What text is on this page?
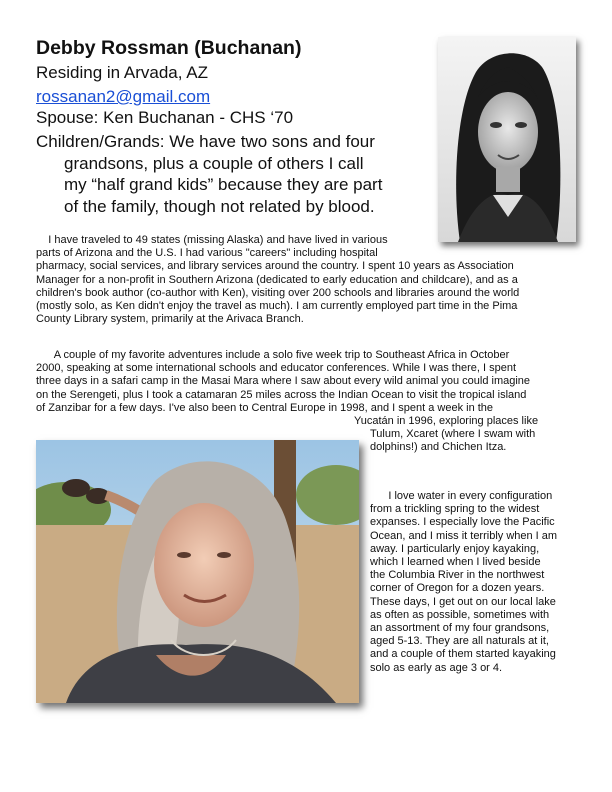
Debby Rossman (Buchanan)
Residing in Arvada, AZ
rossanan2@gmail.com
Spouse: Ken Buchanan - CHS ‘70
Children/Grands: We have two sons and four
grandsons, plus a couple of others I call
my “half grand kids” because they are part
of the family, though not related by blood.
I have traveled to 49 states (missing Alaska) and have lived in various
parts of Arizona and the U.S. I had various "careers" including hospital
pharmacy, social services, and library services around the country. I spent 10 years as Association
Manager for a non-profit in Southern Arizona (dedicated to early education and childcare), and as a
children's book author (co-author with Ken), visiting over 200 schools and libraries around the world
(mostly solo, as Ken didn't enjoy the travel as much). I am currently employed part time in the Pima
County Library system, primarily at the Arivaca Branch.
A couple of my favorite adventures include a solo five week trip to Southeast Africa in October
2000, speaking at some international schools and educator conferences. While I was there, I spent
three days in a safari camp in the Masai Mara where I saw about every wild animal you could imagine
on the Serengeti, plus I took a catamaran 25 miles across the Indian Ocean to visit the tropical island
of Zanzibar for a few days. I've also been to Central Europe in 1998, and I spent a week in the
Yucatán in 1996, exploring places like
Tulum, Xcaret (where I swam with
dolphins!) and Chichen Itza.
I love water in every configuration
from a trickling spring to the widest
expanses. I especially love the Pacific
Ocean, and I miss it terribly when I am
away. I particularly enjoy kayaking,
which I learned when I lived beside
the Columbia River in the northwest
corner of Oregon for a dozen years.
These days, I get out on our local lake
as often as possible, sometimes with
an assortment of my four grandsons,
aged 5-13. They are all naturals at it,
and a couple of them started kayaking
solo as early as age 3 or 4.
